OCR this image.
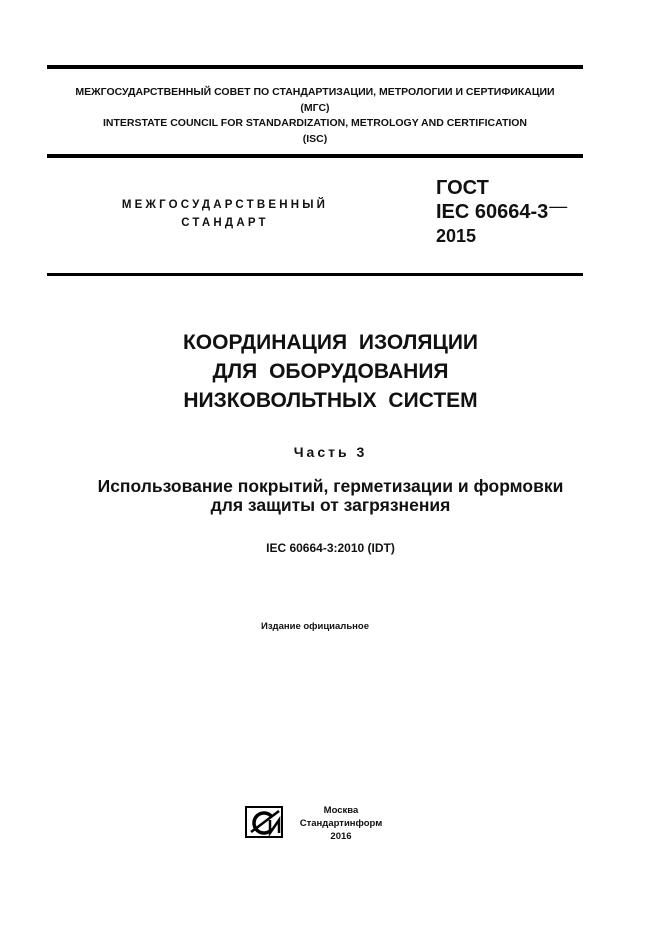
МЕЖГОСУДАРСТВЕННЫЙ СОВЕТ ПО СТАНДАРТИЗАЦИИ, МЕТРОЛОГИИ И СЕРТИФИКАЦИИ
(МГС)
INTERSTATE COUNCIL FOR STANDARDIZATION, METROLOGY AND CERTIFICATION
(ISC)
МЕЖГОСУДАРСТВЕННЫЙ
СТАНДАРТ
ГОСТ
IEC 60664-3—
2015
КООРДИНАЦИЯ ИЗОЛЯЦИИ
ДЛЯ ОБОРУДОВАНИЯ
НИЗКОВОЛЬТНЫХ СИСТЕМ
Часть 3
Использование покрытий, герметизации и формовки
для защиты от загрязнения
IEC 60664-3:2010 (IDT)
Издание официальное
Москва
Стандартинформ
2016
